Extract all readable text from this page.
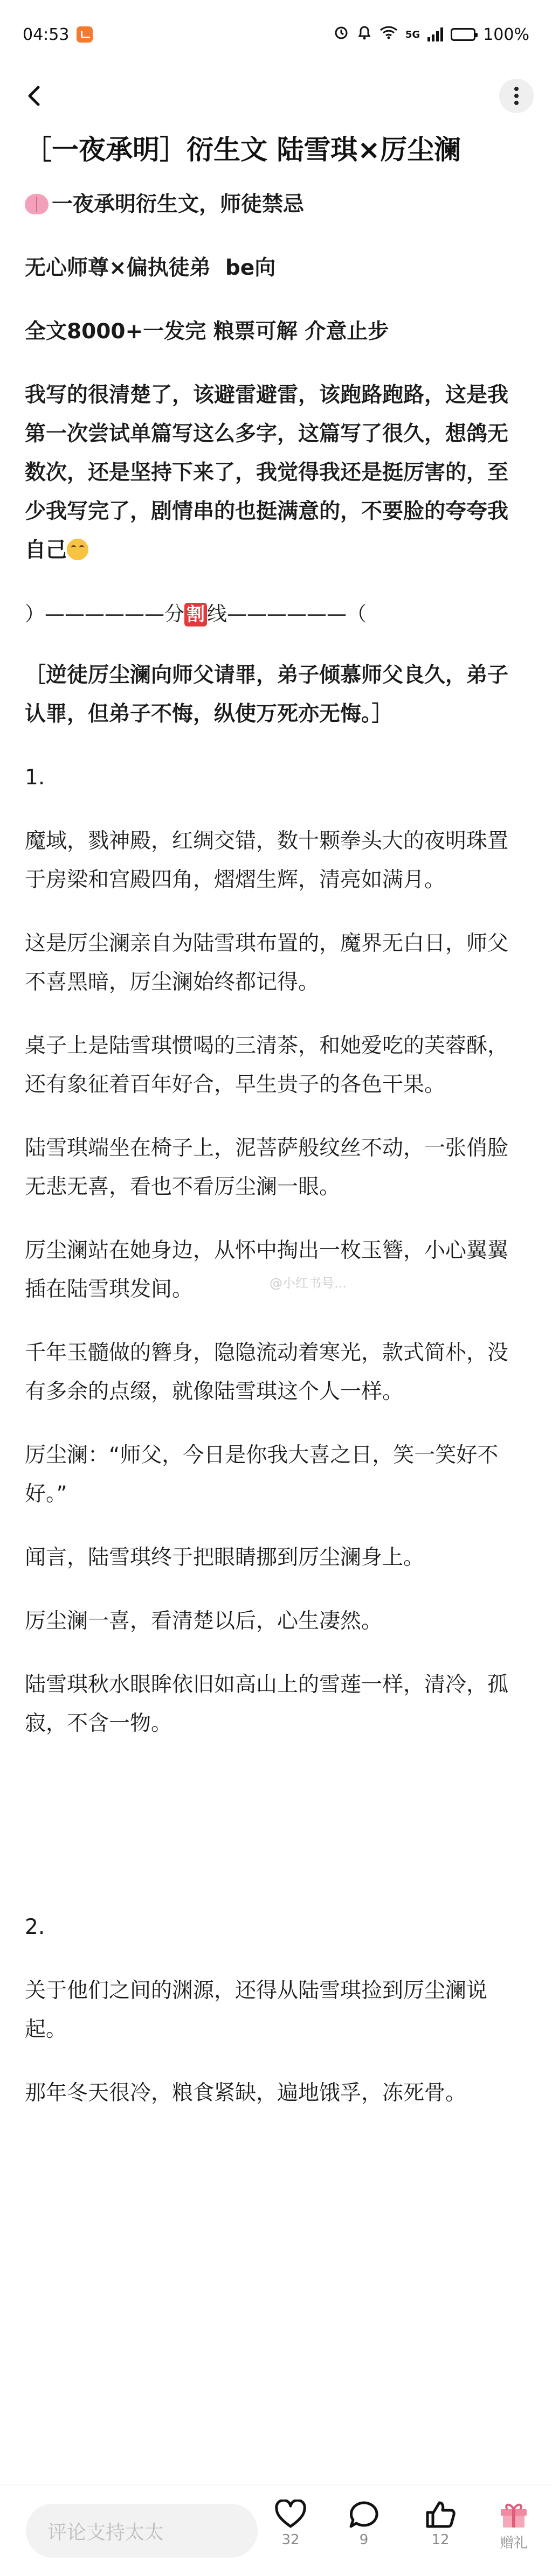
04:53	5G	100%
［一夜承明］衍生文 陆雪琪×厉尘澜

一夜承明衍生文，师徒禁忌

无心师尊×偏执徒弟  be向

全文8000+一发完 粮票可解 介意止步

我写的很清楚了，该避雷避雷，该跑路跑路，这是我第一次尝试单篇写这么多字，这篇写了很久，想鸽无数次，还是坚持下来了，我觉得我还是挺厉害的，至少我写完了，剧情串的也挺满意的，不要脸的夸夸我自己

）——————分 割 线——————（

［逆徒厉尘澜向师父请罪，弟子倾慕师父良久，弟子认罪，但弟子不悔，纵使万死亦无悔。］

1.

魔域，戮神殿，红绸交错，数十颗拳头大的夜明珠置于房梁和宫殿四角，熠熠生辉，清亮如满月。

这是厉尘澜亲自为陆雪琪布置的，魔界无白日，师父不喜黑暗，厉尘澜始终都记得。

桌子上是陆雪琪惯喝的三清茶，和她爱吃的芙蓉酥，还有象征着百年好合，早生贵子的各色干果。

陆雪琪端坐在椅子上，泥菩萨般纹丝不动，一张俏脸无悲无喜，看也不看厉尘澜一眼。

厉尘澜站在她身边，从怀中掏出一枚玉簪，小心翼翼插在陆雪琪发间。

千年玉髓做的簪身，隐隐流动着寒光，款式简朴，没有多余的点缀，就像陆雪琪这个人一样。

厉尘澜：“师父，今日是你我大喜之日，笑一笑好不好。”

闻言，陆雪琪终于把眼睛挪到厉尘澜身上。

厉尘澜一喜，看清楚以后，心生凄然。

陆雪琪秋水眼眸依旧如高山上的雪莲一样，清冷，孤寂，不含一物。

2.

关于他们之间的渊源，还得从陆雪琪捡到厉尘澜说起。

那年冬天很冷，粮食紧缺，遍地饿孚，冻死骨。

@小红书号...
评论支持太太	32	9	12	赠礼
